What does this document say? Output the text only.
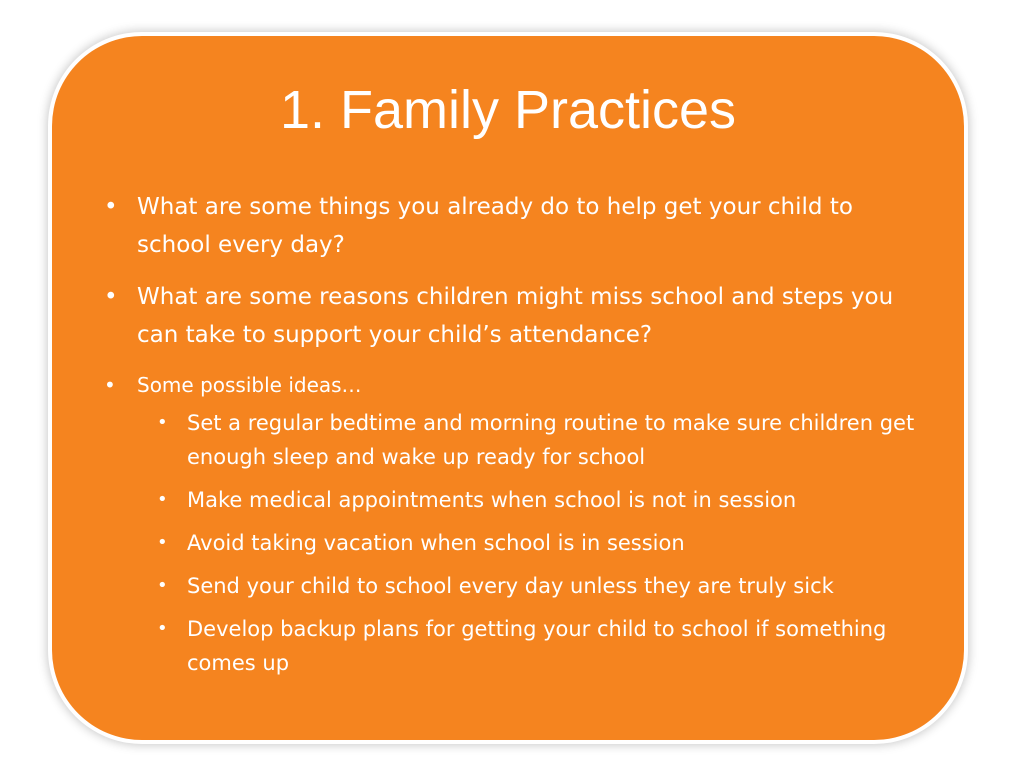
1. Family Practices
• What are some things you already do to help get your child to school every day?
• What are some reasons children might miss school and steps you can take to support your child’s attendance?
• Some possible ideas…
• Set a regular bedtime and morning routine to make sure children get enough sleep and wake up ready for school
• Make medical appointments when school is not in session
• Avoid taking vacation when school is in session
• Send your child to school every day unless they are truly sick
• Develop backup plans for getting your child to school if something comes up
